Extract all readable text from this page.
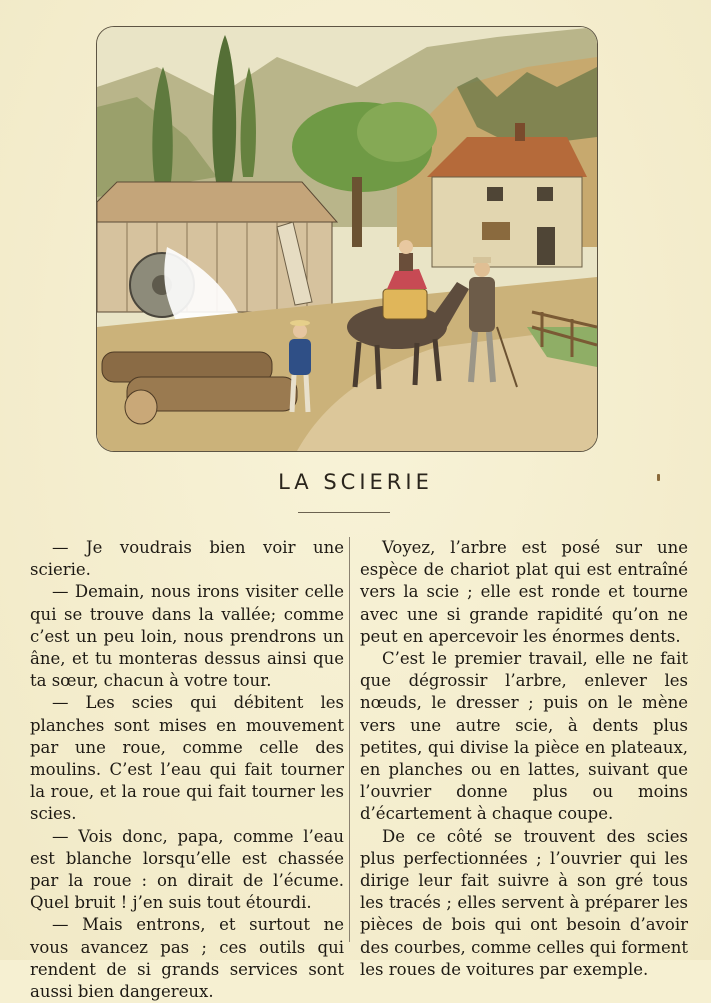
LA SCIERIE

— Je voudrais bien voir une scierie.

— Demain, nous irons visiter celle qui se trouve dans la vallée; comme c’est un peu loin, nous prendrons un âne, et tu monteras dessus ainsi que ta sœur, chacun à votre tour.

— Les scies qui débitent les planches sont mises en mouvement par une roue, comme celle des moulins. C’est l’eau qui fait tourner la roue, et la roue qui fait tourner les scies.

— Vois donc, papa, comme l’eau est blanche lorsqu’elle est chassée par la roue : on dirait de l’écume. Quel bruit ! j’en suis tout étourdi.

— Mais entrons, et surtout ne vous avancez pas ; ces outils qui rendent de si grands services sont aussi bien dangereux.

Voyez, l’arbre est posé sur une espèce de chariot plat qui est entraîné vers la scie ; elle est ronde et tourne avec une si grande rapidité qu’on ne peut en apercevoir les énormes dents.

C’est le premier travail, elle ne fait que dégrossir l’arbre, enlever les nœuds, le dresser ; puis on le mène vers une autre scie, à dents plus petites, qui divise la pièce en plateaux, en planches ou en lattes, suivant que l’ouvrier donne plus ou moins d’écartement à chaque coupe.

De ce côté se trouvent des scies plus perfectionnées ; l’ouvrier qui les dirige leur fait suivre à son gré tous les tracés ; elles servent à préparer les pièces de bois qui ont besoin d’avoir des courbes, comme celles qui forment les roues de voitures par exemple.
